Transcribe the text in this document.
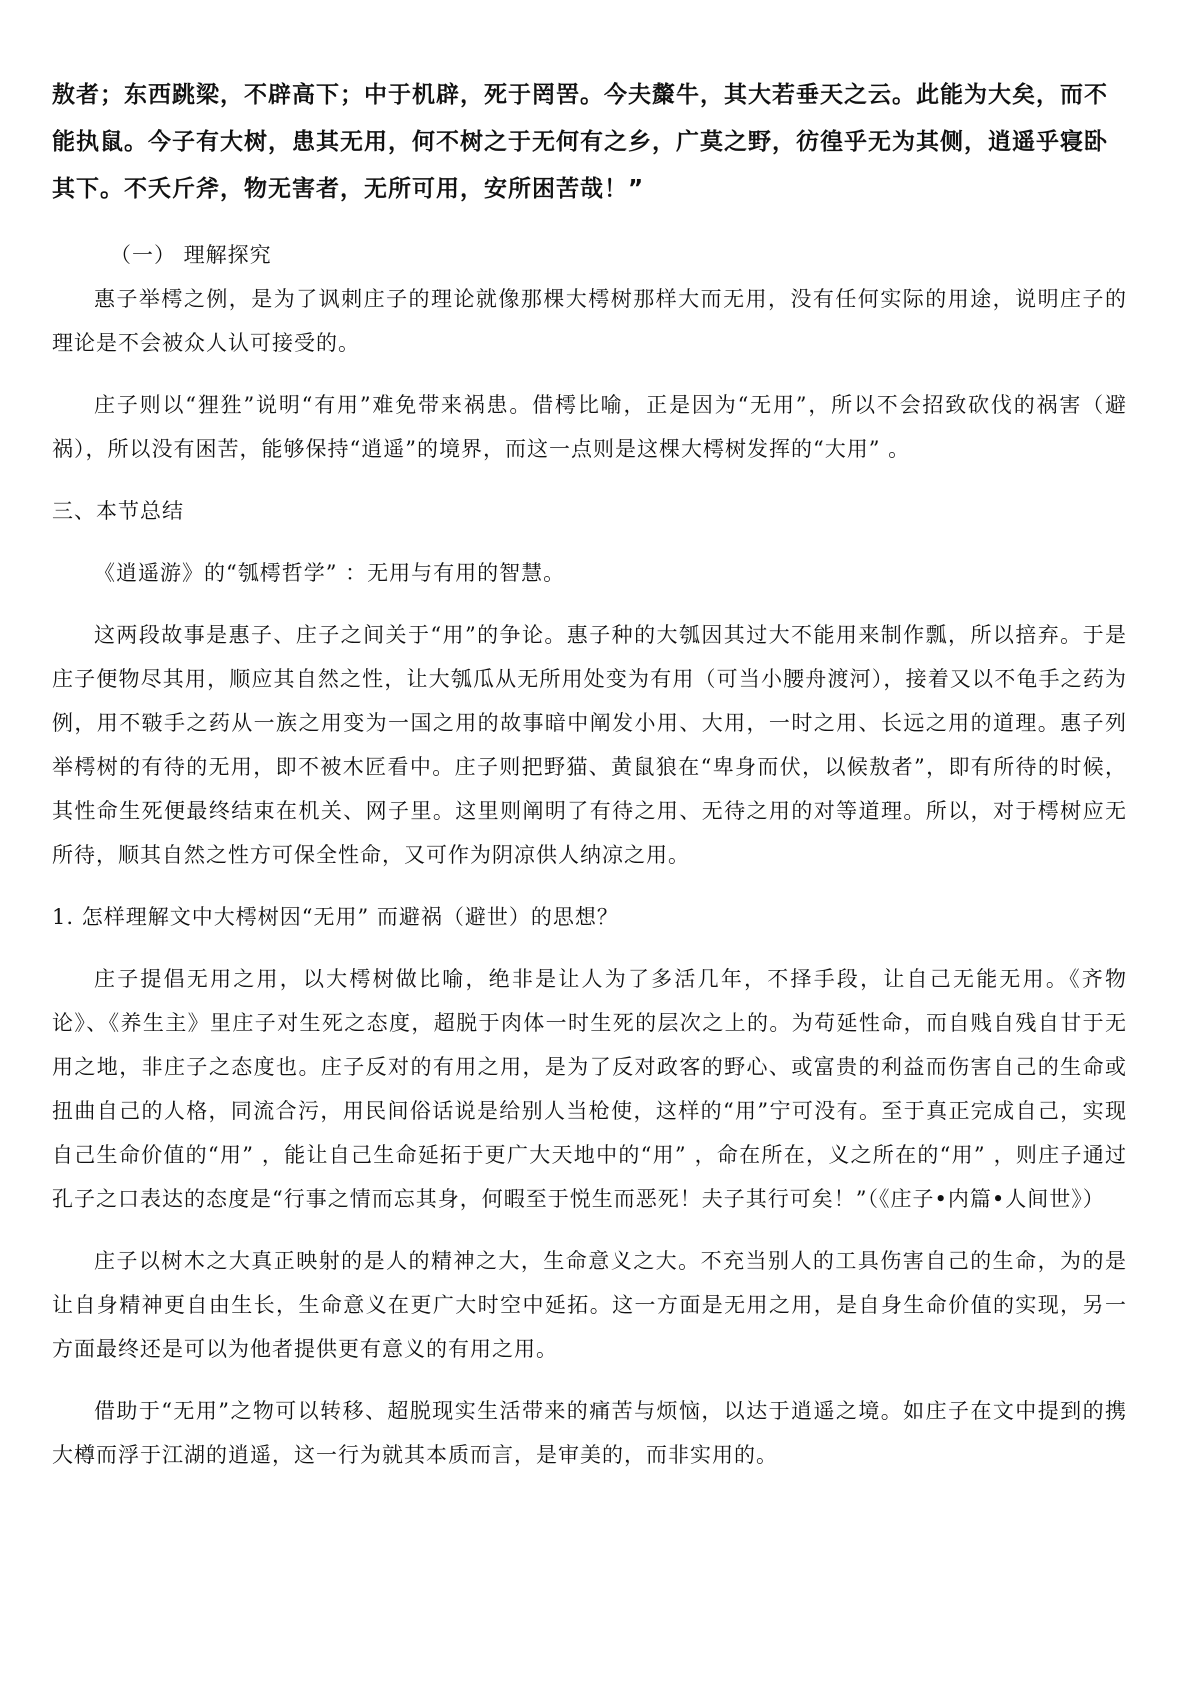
敖者；东西跳梁，不辟高下；中于机辟，死于罔罟。今夫斄牛，其大若垂天之云。此能为大矣，而不能执鼠。今子有大树，患其无用，何不树之于无何有之乡，广莫之野，彷徨乎无为其侧，逍遥乎寝卧其下。不夭斤斧，物无害者，无所可用，安所困苦哉！”

（一） 理解探究

惠子举樗之例，是为了讽刺庄子的理论就像那棵大樗树那样大而无用，没有任何实际的用途，说明庄子的理论是不会被众人认可接受的。

庄子则以“狸狌”说明“有用”难免带来祸患。借樗比喻，正是因为“无用”，所以不会招致砍伐的祸害（避祸），所以没有困苦，能够保持“逍遥”的境界，而这一点则是这棵大樗树发挥的“大用” 。

三、本节总结

《逍遥游》的“瓠樗哲学” ：无用与有用的智慧。

这两段故事是惠子、庄子之间关于“用”的争论。惠子种的大瓠因其过大不能用来制作瓢，所以掊弃。于是庄子便物尽其用，顺应其自然之性，让大瓠瓜从无所用处变为有用（可当小腰舟渡河），接着又以不龟手之药为例，用不皲手之药从一族之用变为一国之用的故事暗中阐发小用、大用，一时之用、长远之用的道理。惠子列举樗树的有待的无用，即不被木匠看中。庄子则把野猫、黄鼠狼在“卑身而伏，以候敖者”，即有所待的时候，其性命生死便最终结束在机关、网子里。这里则阐明了有待之用、无待之用的对等道理。所以，对于樗树应无所待，顺其自然之性方可保全性命，又可作为阴凉供人纳凉之用。

1. 怎样理解文中大樗树因“无用” 而避祸（避世）的思想？

庄子提倡无用之用，以大樗树做比喻，绝非是让人为了多活几年，不择手段，让自己无能无用。《齐物论》、《养生主》里庄子对生死之态度，超脱于肉体一时生死的层次之上的。为苟延性命，而自贱自残自甘于无用之地，非庄子之态度也。庄子反对的有用之用，是为了反对政客的野心、或富贵的利益而伤害自己的生命或扭曲自己的人格，同流合污，用民间俗话说是给别人当枪使，这样的“用”宁可没有。至于真正完成自己，实现自己生命价值的“用” ，能让自己生命延拓于更广大天地中的“用” ，命在所在，义之所在的“用” ，则庄子通过孔子之口表达的态度是“行事之情而忘其身，何暇至于悦生而恶死！夫子其行可矣！”（《庄子•内篇•人间世》）

庄子以树木之大真正映射的是人的精神之大，生命意义之大。不充当别人的工具伤害自己的生命，为的是让自身精神更自由生长，生命意义在更广大时空中延拓。这一方面是无用之用，是自身生命价值的实现，另一方面最终还是可以为他者提供更有意义的有用之用。

借助于“无用”之物可以转移、超脱现实生活带来的痛苦与烦恼，以达于逍遥之境。如庄子在文中提到的携大樽而浮于江湖的逍遥，这一行为就其本质而言，是审美的，而非实用的。
